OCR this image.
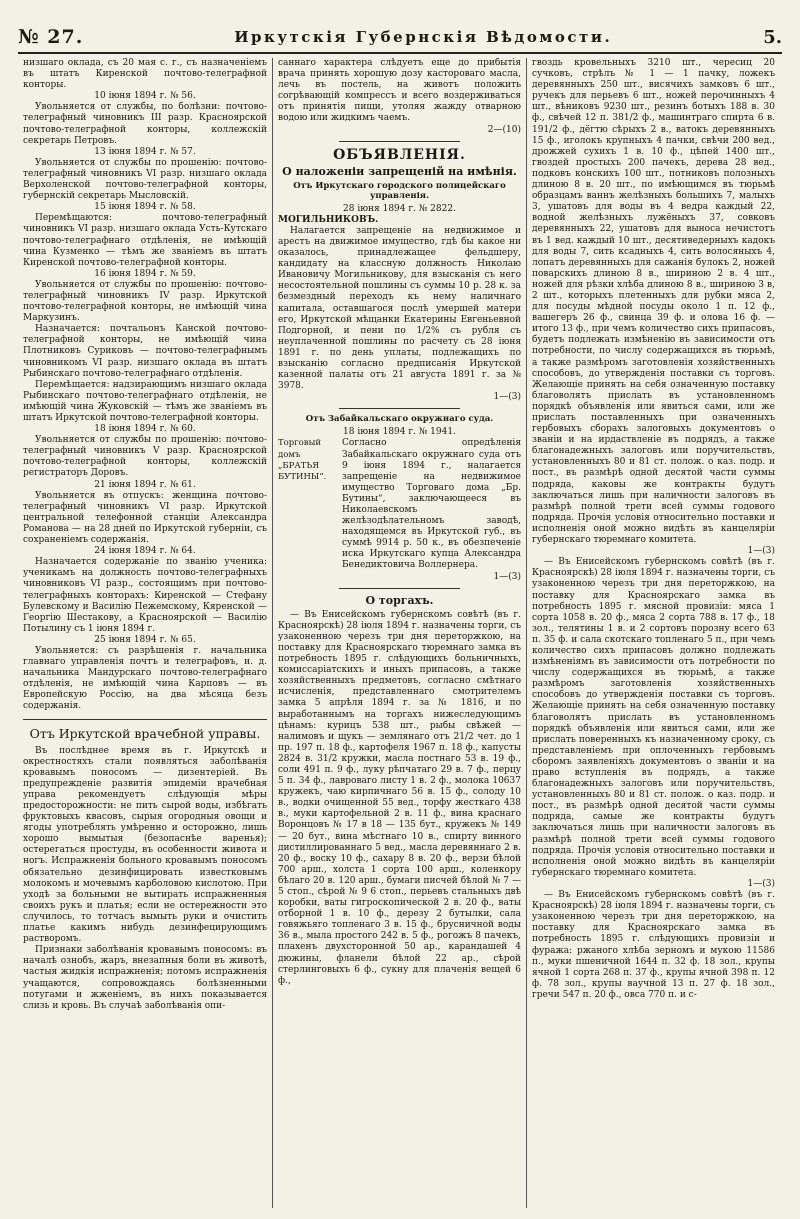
№ 27.	Иркутскія Губернскія Вѣдомости.	5.

низшаго оклада, съ 20 мая с. г., съ назначеніемъ въ штатъ Киренской почтово-телеграфной конторы.

10 іюня 1894 г. № 56.

Увольняется от службы, по болѣзни: почтово-телеграфный чиновникъ III разр. Красноярской почтово-телеграфной конторы, коллежскій секретарь Петровъ.

13 іюня 1894 г. № 57.

Увольняется от службы по прошенію: почтово-телеграфный чиновникъ VI разр. низшаго оклада Верхоленской почтово-телеграфной конторы, губернскій секретарь Мысловскій.

15 іюня 1894 г. № 58.

Перемѣщаются: почтово-телеграфный чиновникъ VI разр. низшаго оклада Усть-Кутскаго почтово-телеграфнаго отдѣленія, не имѣющій чина Кузменко — тѣмъ же званіемъ въ штатъ Киренской почтово-телеграфной конторы.

16 іюня 1894 г. № 59.

Увольняется от службы по прошенію: почтово-телеграфный чиновникъ IV разр. Иркутской почтово-телеграфной конторы, не имѣющій чина Маркузинъ.

Назначается: почтальонъ Канской почтово-телеграфной конторы, не имѣющій чина Плотниковъ Суриковъ — почтово-телеграфнымъ чиновникомъ VI разр. низшаго оклада въ штатъ Рыбинскаго почтово-телеграфнаго отдѣленія.

Перемѣщается: надзирающимъ низшаго оклада Рыбинскаго почтово-телеграфнаго отдѣленія, не имѣющій чина Жуковскій — тѣмъ же званіемъ въ штатъ Иркутской почтово-телеграфной конторы.

18 іюня 1894 г. № 60.

Увольняется от службы по прошенію: почтово-телеграфный чиновникъ V разр. Красноярской почтово-телеграфной конторы, коллежскій регистраторъ Доровъ.

21 іюня 1894 г. № 61.

Увольняется въ отпускъ: женщина почтово-телеграфный чиновникъ VI разр. Иркутской центральной телефонной станціи Александра Романова — на 28 дней по Иркутской губерніи, съ сохраненіемъ содержанія.

24 іюня 1894 г. № 64.

Назначается содержаніе по званію ученика: ученикамъ на должность почтово-телеграфныхъ чиновниковъ VI разр., состоящимъ при почтово-телеграфныхъ конторахъ: Киренской — Стефану Булевскому и Василію Пежемскому, Кяренской — Георгію Шестакову, а Красноярской — Василію Потылину съ 1 іюня 1894 г.

25 іюня 1894 г. № 65.

Увольняется: съ разрѣшенія г. начальника главнаго управленія почтъ и телеграфовъ, и. д. начальника Мандурскаго почтово-телеграфнаго отдѣленія, не имѣющій чина Карповъ — въ Европейскую Россію, на два мѣсяца безъ содержанія.

Отъ Иркутской врачебной управы.

Въ послѣднее время въ г. Иркутскѣ и окрестностяхъ стали появляться заболѣванія кровавымъ поносомъ — дизентеріей. Въ предупрежденіе развитія эпидеміи врачебная управа рекомендуетъ слѣдующія мѣры предосторожности: не пить сырой воды, избѣгать фруктовыхъ квасовъ, сырыя огородныя овощи и ягоды употреблять умѣренно и осторожно, лишь хорошо вымытыя (безопаснѣе варенья); остерегаться простуды, въ особенности живота и ногъ. Испражненія больного кровавымъ поносомъ обязательно дезинфицировать известковымъ молокомъ и мочевымъ карболовою кислотою. При уходѣ за больными не вытирать испражненныя своихъ рукъ и платья; если не остережности это случилось, то тотчасъ вымыть руки и очистить платье какимъ нибудь дезинфецирующимъ растворомъ.

Признаки заболѣванія кровавымъ поносомъ: въ началѣ ознобъ, жаръ, внезапныя боли въ животѣ, частыя жидкія испражненія; потомъ испражненія учащаются, сопровождаясь болѣзненными потугами и жженіемъ, въ нихъ показывается слизь и кровь. Въ случаѣ заболѣванія опи-

саннаго характера слѣдуетъ еще до прибытія врача принять хорошую дозу касторовaго масла, лечь въ постель, на животъ положить согрѣвающій компрессъ и всего воздерживаться отъ принятія пищи, утоляя жажду отварною водою или жидкимъ чаемъ.

2—(10)

ОБЪЯВЛЕНІЯ.
О наложеніи запрещеній на имѣнія.
Отъ Иркутскаго городского полицейскаго управленія.

28 іюня 1894 г. № 2822.

МОГИЛЬНИКОВЪ.

Налагается запрещеніе на недвижимое и арестъ на движимое имущество, гдѣ бы какое ни оказалось, принадлежащее фельдшеру, кандидату на классную должность Николаю Ивановичу Могильникову, для взысканія съ него несостоятельной пошлины съ суммы 10 р. 28 к. за безмездный переходъ къ нему наличнаго капитала, оставшагося послѣ умершей матери его, Иркутской мѣщанки Екатерины Евгеньевной Подгорной, и пени по 1/2% съ рубля съ неуплаченной пошлины по расчету съ 28 іюня 1891 г. по день уплаты, подлежащихъ по взысканію согласно предписанія Иркутской казенной палаты отъ 21 августа 1891 г. за № 3978.

1—(3)

Отъ Забайкальскаго окружнаго суда.

18 іюня 1894 г. № 1941.

Торговый домъ „БРАТЬЯ БУТИНЫ“.

Согласно опредѣленія Забайкальскаго окружнаго суда отъ 9 іюня 1894 г., налагается запрещеніе на недвижимое имущество Торговаго дома „Бр. Бутины“, заключающееся въ Николаевскомъ желѣзодѣлательномъ заводѣ, находящемся въ Иркутской губ., въ суммѣ 9914 р. 50 к., въ обезпеченіе иска Иркутскаго купца Александра Бенедиктовича Воллернера.

1—(3)

О торгахъ.

— Въ Енисейскомъ губернскомъ совѣтѣ (въ г. Красноярскѣ) 28 іюля 1894 г. назначены торги, съ узаконенною черезъ три дня переторжкою, на поставку для Красноярскаго тюремнаго замка въ потребность 1895 г. слѣдующихъ больничныхъ, комиссаріатскихъ и иныхъ припасовъ, а также хозяйственныхъ предметовъ, согласно смѣтнаго исчисленія, представленнаго смотрителемъ замка 5 апрѣля 1894 г. за № 1816, и по выработаннымъ на торгахъ нижеследующимъ цѣнамъ: курицъ 538 шт., рыбы свѣжей — налимовъ и щукъ — землянаго отъ 21/2 чет. до 1 пр. 197 п. 18 ф., картофеля 1967 п. 18 ф., капусты 2824 в. 31/2 кружки, масла постнаго 53 в. 19 ф., соли 491 п. 9 ф., луку рѣпчатаго 29 в. 7 ф., перцу 5 п. 34 ф., лавроваго листу 1 в. 2 ф., молока 10637 кружекъ, чаю кирпичнаго 56 в. 15 ф., солоду 10 в., водки очищенной 55 вед., торфу жесткаго 438 в., муки картофельной 2 в. 11 ф., вина краснаго Воронцовъ № 17 в 18 — 135 бут., кружекъ № 149 — 20 бут., вина мѣстнаго 10 в., спирту винного дистиллированнаго 5 вед., масла деревяннаго 2 в. 20 ф., воску 10 ф., сахару 8 в. 20 ф., верзи бѣлой 700 арш., холста 1 сорта 100 арш., коленкору бѣлаго 20 в. 120 арш., бумаги писчей бѣлой № 7 — 5 стоп., сѣрой № 9 6 стоп., перьевъ стальныхъ двѣ коробки, ваты гигроскопической 2 в. 20 ф., ваты отборной 1 в. 10 ф., дерезу 2 бутылки, сала говяжьяго топленаго 3 в. 15 ф., брусничной воды 36 в., мыла простого 242 в. 5 ф., рогожъ 8 пачекъ, плахенъ двухсторонной 50 ар., карандашей 4 дюжины, фланели бѣлой 22 ар., сѣрой стерлинговыхъ 6 ф., сукну для плаченія вещей 6 ф.,

гвоздь кровельныхъ 3210 шт., чересиц 20 сучковъ, стрѣлъ № 1 — 1 пачку, ложекъ деревянныхъ 250 шт., висячихъ замковъ 6 шт., ручекъ для перьевъ 6 шт., ножей перочинныхъ 4 шт., вѣниковъ 9230 шт., резинъ ботыхъ 188 в. 30 ф., свѣчей 12 п. 381/2 ф., машинтраго спирта 6 в. 191/2 ф., дёгтю сѣрыхъ 2 в., ватокъ деревянныхъ 15 ф., иголокъ крупныхъ 4 пачки, свѣчи 200 вед., дрожжей сухихъ 1 в. 10 ф., цѣпей 1400 шт., гвоздей простыхъ 200 пачекъ, дерева 28 вед., подковъ конскихъ 100 шт., потниковъ полозныхъ длиною 8 в. 20 шт., по имѣющимся въ тюрьмѣ образцамъ ваннъ желѣзныхъ большихъ 7, малыхъ 3, ушатовъ для воды въ 4 ведра каждый 22, водной желѣзныхъ лужёныхъ 37, совковъ деревянныхъ 22, ушатовъ для выноса нечистотъ въ 1 вед. каждый 10 шт., десятиведерныхъ кадокъ для воды 7, сить ксадныхъ 4, сить волосяныхъ 4, лопатъ деревянныхъ для сажанія булокъ 2, ножей поварскихъ длиною 8 в., шириною 2 в. 4 шт., ножей для рѣзки хлѣба длиною 8 в., шириною 3 в, 2 шт., которыхъ плетенныхъ для рубки мяса 2, для посуды мѣдной посуды около 1 п. 12 ф., вашегеръ 26 ф., свинца 39 ф. и олова 16 ф. — итого 13 ф., при чемъ количество сихъ припасовъ, будетъ подлежать измѣненію въ зависимости отъ потребности, по числу содержащихся въ тюрьмѣ, а также размѣромъ заготовленія хозяйственныхъ способовъ, до утвержденія поставки съ торговъ. Желающіе принять на себя означенную поставку благоволятъ прислать въ установленномъ порядкѣ объявленія или явиться сами, или же прислать поставленныхъ при означенныхъ гербовыхъ сборахъ залоговыхъ документовъ о званіи и на ирдаствленіе въ подрядъ, а также благонадежныхъ залоговъ или поручительствъ, установленныхъ 80 и 81 ст. полож. о каз. подр. и пост., въ размѣрѣ одной десятой части суммы подряда, каковы же контракты будутъ заключаться лишь при наличности залоговъ въ размѣрѣ полной трети всей суммы годового подряда. Прочія условія относительно поставки и исполненія оной можно видѣть въ канцеляріи губернскаго тюремнаго комитета.

1—(3)

— Въ Енисейскомъ губернскомъ совѣтѣ (въ г. Красноярскѣ) 28 іюля 1894 г. назначены торги, съ узаконенною черезъ три дня переторжкою, на поставку для Красноярскаго замка въ потребность 1895 г. мясной провизіи: мяса 1 сорта 1058 в. 20 ф., мяса 2 сорта 788 в. 17 ф., 18 зол., телятины 1 в. и 2 сортовъ порозну всего 63 п. 35 ф. и сала скотскаго топленаго 5 п., при чемъ количество сихъ припасовъ должно подлежать измѣненіямъ въ зависимости отъ потребности по числу содержащихся въ тюрьмѣ, а также размѣромъ заготовленія хозяйственныхъ способовъ до утвержденія поставки съ торговъ. Желающіе принять на себя означенную поставку благоволятъ прислать въ установленномъ порядкѣ объявленія или явиться сами, или же прислать поверенныхъ къ назначенному сроку, съ представленіемъ при оплоченныхъ гербовымъ сборомъ заявленіяхъ документовъ о званіи и на право вступленія въ подрядъ, а также благонадежныхъ залоговъ или поручительствъ, установленныхъ 80 и 81 ст. полож. о каз. подр. и пост., въ размѣрѣ одной десятой части суммы подряда, самые же контракты будутъ заключаться лишь при наличности залоговъ въ размѣрѣ полной трети всей суммы годового подряда. Прочія условія относительно поставки и исполненія оной можно видѣть въ канцеляріи губернскаго тюремнаго комитета.

1—(3)

— Въ Енисейскомъ губернскомъ совѣтѣ (въ г. Красноярскѣ) 28 іюля 1894 г. назначены торги, съ узаконенною черезъ три дня переторжкою, на поставку для Красноярскаго замка въ потребность 1895 г. слѣдующихъ провизіи и фуража: ржаного хлѣба зерномъ и мукою 11586 п., муки пшеничной 1644 п. 32 ф. 18 зол., крупы ячной 1 сорта 268 п. 37 ф., крупы ячной 398 п. 12 ф. 78 зол., крупы ваучной 13 п. 27 ф. 18 зол., гречи 547 п. 20 ф., овса 770 п. и с-
